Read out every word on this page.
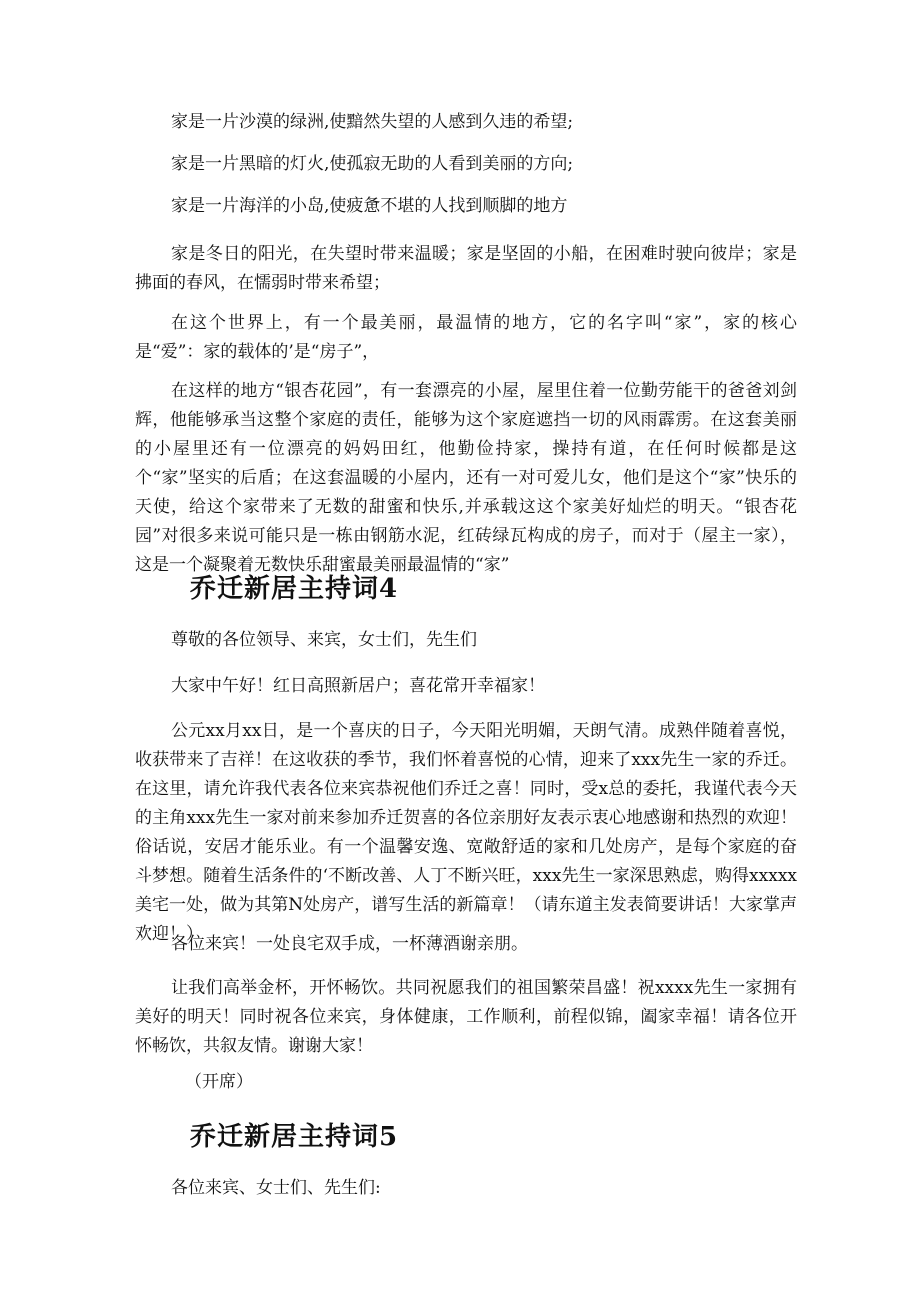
家是一片沙漠的绿洲,使黯然失望的人感到久违的希望;

家是一片黑暗的灯火,使孤寂无助的人看到美丽的方向;

家是一片海洋的小岛,使疲惫不堪的人找到顺脚的地方

家是冬日的阳光，在失望时带来温暖；家是坚固的小船，在困难时驶向彼岸；家是拂面的春风，在懦弱时带来希望；

在这个世界上，有一个最美丽，最温情的地方，它的名字叫“家”，家的核心是“爱”：家的载体的’是“房子”，

在这样的地方“银杏花园”，有一套漂亮的小屋，屋里住着一位勤劳能干的爸爸刘剑辉，他能够承当这整个家庭的责任，能够为这个家庭遮挡一切的风雨霹雳。在这套美丽的小屋里还有一位漂亮的妈妈田红，他勤俭持家，操持有道，在任何时候都是这个“家”坚实的后盾；在这套温暖的小屋内，还有一对可爱儿女，他们是这个“家”快乐的天使，给这个家带来了无数的甜蜜和快乐,并承载这这个家美好灿烂的明天。“银杏花园”对很多来说可能只是一栋由钢筋水泥，红砖绿瓦构成的房子，而对于（屋主一家），这是一个凝聚着无数快乐甜蜜最美丽最温情的“家”

乔迁新居主持词4

尊敬的各位领导、来宾，女士们，先生们

大家中午好！红日高照新居户；喜花常开幸福家！

公元xx月xx日，是一个喜庆的日子，今天阳光明媚，天朗气清。成熟伴随着喜悦，收获带来了吉祥！在这收获的季节，我们怀着喜悦的心情，迎来了xxx先生一家的乔迁。在这里，请允许我代表各位来宾恭祝他们乔迁之喜！同时，受x总的委托，我谨代表今天的主角xxx先生一家对前来参加乔迁贺喜的各位亲朋好友表示衷心地感谢和热烈的欢迎！俗话说，安居才能乐业。有一个温馨安逸、宽敞舒适的家和几处房产，是每个家庭的奋斗梦想。随着生活条件的‘不断改善、人丁不断兴旺，xxx先生一家深思熟虑，购得xxxxx美宅一处，做为其第N处房产，谱写生活的新篇章！（请东道主发表简要讲话！大家掌声欢迎！）

各位来宾！一处良宅双手成，一杯薄酒谢亲朋。

让我们高举金杯，开怀畅饮。共同祝愿我们的祖国繁荣昌盛！祝xxxx先生一家拥有美好的明天！同时祝各位来宾，身体健康，工作顺利，前程似锦，阖家幸福！请各位开怀畅饮，共叙友情。谢谢大家！

（开席）

乔迁新居主持词5

各位来宾、女士们、先生们:
